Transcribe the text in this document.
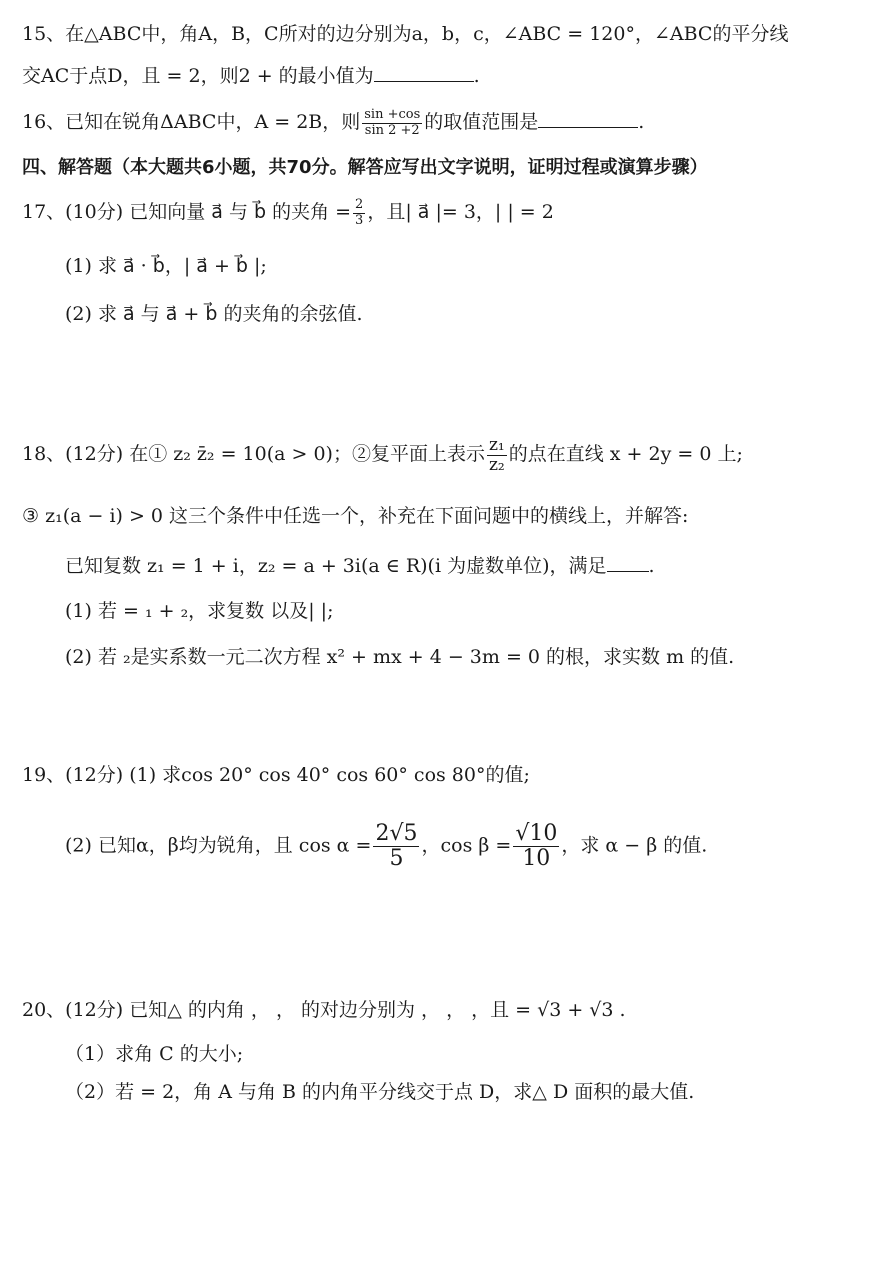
15、在△ABC中，角A，B，C所对的边分别为a，b，c，∠ABC = 120°，∠ABC的平分线
交AC于点D，且 = 2，则2 + 的最小值为	.
16、已知在锐角ΔABC中，A = 2B，则 $\frac{\sin +\cos}{\sin 2 +2}$ 的取值范围是	.
四、解答题（本大题共6小题，共70分。解答应写出文字说明，证明过程或演算步骤）
17、(10分) 已知向量 a⃗ 与 b⃗ 的夹角 = $\frac{2}{3}$ ，且| a⃗ |= 3，| | = 2
(1) 求 a⃗ · b⃗，| a⃗ + b⃗ |;
(2) 求 a⃗ 与 a⃗ + b⃗ 的夹角的余弦值.
18、(12分) 在① z₂ z̄₂ = 10(a > 0)；②复平面上表示 $\frac{\text{z₁}}{\text{z₂}}$ 的点在直线 x + 2y = 0 上;
③ z₁(a − i) > 0 这三个条件中任选一个，补充在下面问题中的横线上，并解答:
已知复数 z₁ = 1 + i，z₂ = a + 3i(a ∈ R)(i 为虚数单位)，满足 .
(1) 若 = ₁ + ₂，求复数 以及| |;
(2) 若 ₂是实系数一元二次方程 x² + mx + 4 − 3m = 0 的根，求实数 m 的值.
19、(12分) (1) 求cos 20° cos 40° cos 60° cos 80°的值;
(2) 已知α，β均为锐角，且 $\cos \alpha = \frac{2√5}{5}$ ，$\cos \beta = \frac{√10}{10}$ ，求 α − β 的值.
20、(12分) 已知△ 的内角 ， ， 的对边分别为 ， ， ，且 = √3 + √3 .
（1）求角 C 的大小;
（2）若 = 2，角 A 与角 B 的内角平分线交于点 D，求△ D 面积的最大值.
